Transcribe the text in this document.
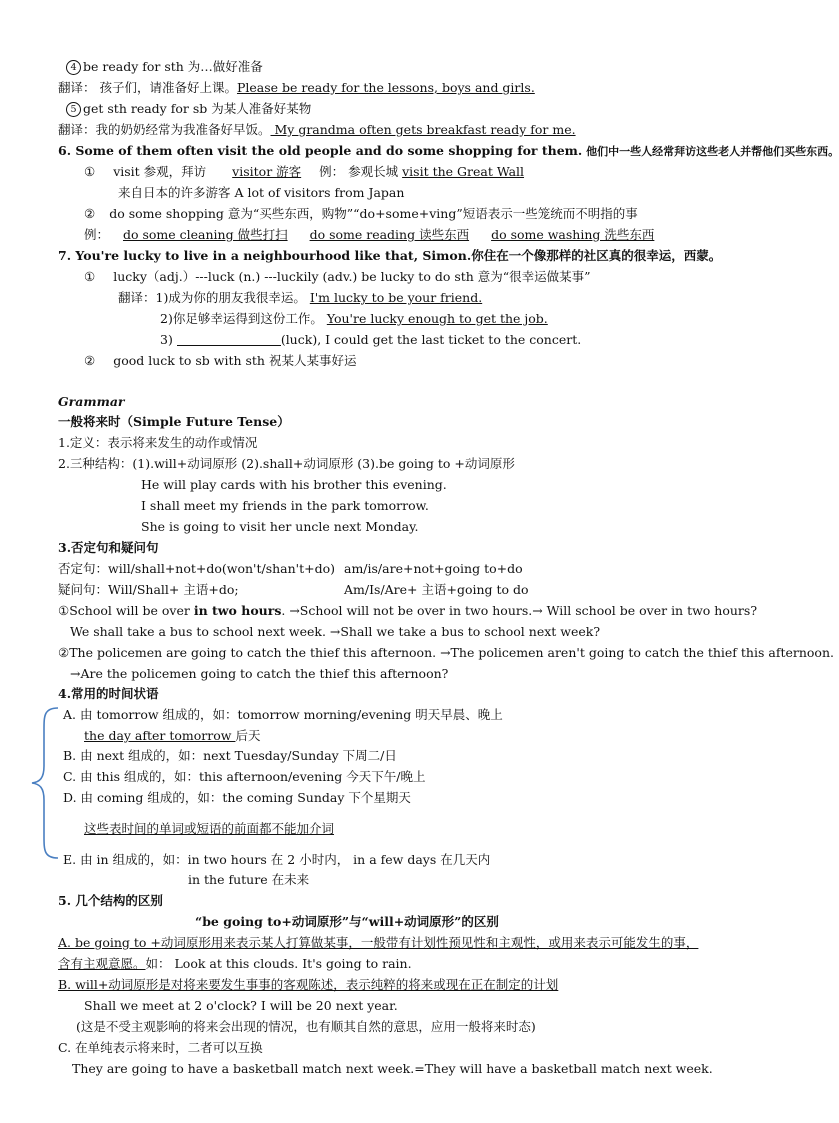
4 be ready for sth 为…做好准备
翻译： 孩子们，请准备好上课。Please be ready for the lessons, boys and girls.
5 get sth ready for sb 为某人准备好某物
翻译：我的奶奶经常为我准备好早饭。 My grandma often gets breakfast ready for me.
6. Some of them often visit the old people and do some shopping for them. 他们中一些人经常拜访这些老人并帮他们买些东西。
① visit 参观，拜访 visitor 游客 例： 参观长城 visit the Great Wall
来自日本的许多游客 A lot of visitors from Japan
② do some shopping 意为“买些东西，购物”“do+some+ving”短语表示一些笼统而不明指的事
例： do some cleaning 做些打扫 do some reading 读些东西 do some washing 洗些东西
7. You're lucky to live in a neighbourhood like that, Simon.你住在一个像那样的社区真的很幸运，西蒙。
① lucky（adj.）---luck (n.) ---luckily (adv.) be lucky to do sth 意为“很幸运做某事”
翻译：1)成为你的朋友我很幸运。 I'm lucky to be your friend.
2)你足够幸运得到这份工作。 You're lucky enough to get the job.
3)	(luck), I could get the last ticket to the concert.
② good luck to sb with sth 祝某人某事好运
Grammar
一般将来时（Simple Future Tense）
1.定义：表示将来发生的动作或情况
2.三种结构：(1).will+动词原形 (2).shall+动词原形 (3).be going to +动词原形
He will play cards with his brother this evening.
I shall meet my friends in the park tomorrow.
She is going to visit her uncle next Monday.
3.否定句和疑问句
否定句：will/shall+not+do(won't/shan't+do) am/is/are+not+going to+do
疑问句：Will/Shall+ 主语+do;	Am/Is/Are+ 主语+going to do
①School will be over in two hours. →School will not be over in two hours.→ Will school be over in two hours?
We shall take a bus to school next week. →Shall we take a bus to school next week?
②The policemen are going to catch the thief this afternoon. →The policemen aren't going to catch the thief this afternoon.
→Are the policemen going to catch the thief this afternoon?
4.常用的时间状语
A. 由 tomorrow 组成的，如：tomorrow morning/evening 明天早晨、晚上
the day after tomorrow 后天
B. 由 next 组成的，如：next Tuesday/Sunday 下周二/日
C. 由 this 组成的，如：this afternoon/evening 今天下午/晚上
D. 由 coming 组成的，如：the coming Sunday 下个星期天
这些表时间的单词或短语的前面都不能加介词
E. 由 in 组成的，如：in two hours 在 2 小时内， in a few days 在几天内
in the future 在未来
5. 几个结构的区别
“be going to+动词原形”与“will+动词原形”的区别
A. be going to +动词原形用来表示某人打算做某事，一般带有计划性预见性和主观性，或用来表示可能发生的事，
含有主观意愿。如： Look at this clouds. It's going to rain.
B. will+动词原形是对将来要发生事事的客观陈述，表示纯粹的将来或现在正在制定的计划
Shall we meet at 2 o'clock? I will be 20 next year.
(这是不受主观影响的将来会出现的情况，也有顺其自然的意思，应用一般将来时态)
C. 在单纯表示将来时，二者可以互换
They are going to have a basketball match next week.=They will have a basketball match next week.
